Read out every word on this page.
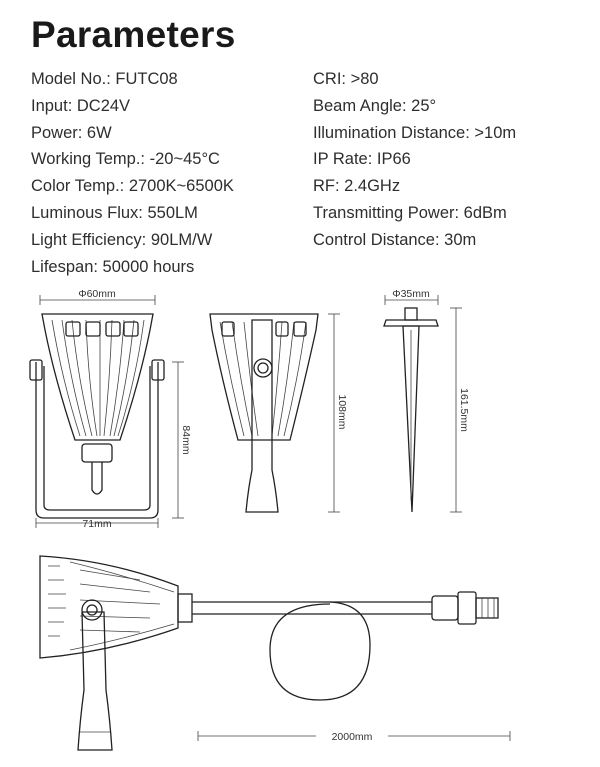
Parameters
Model No.: FUTC08
Input: DC24V
Power: 6W
Working Temp.: -20~45°C
Color Temp.: 2700K~6500K
Luminous Flux: 550LM
Light Efficiency: 90LM/W
Lifespan: 50000 hours
CRI: >80
Beam Angle: 25°
Illumination Distance: >10m
IP Rate: IP66
RF: 2.4GHz
Transmitting Power: 6dBm
Control Distance: 30m
Φ60mm
71mm
84mm
108mm
Φ35mm
161.5mm
2000mm
